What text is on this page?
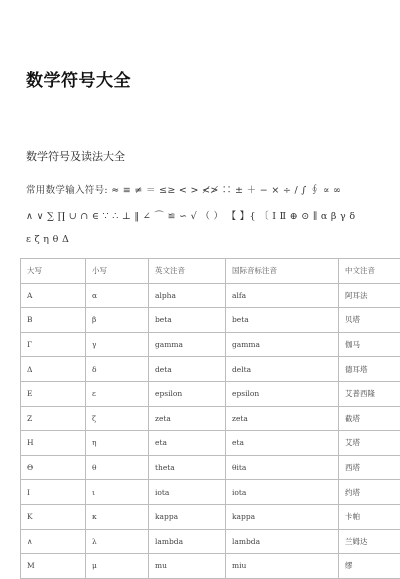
数学符号大全
数学符号及读法大全
常用数学输入符号: ≈ ≡ ≠ ＝ ≤≥ < > ≮≯ ∷ ± ＋ − × ÷ / ∫ ∮ ∝ ∞
∧ ∨ ∑ ∏ ∪ ∩ ∈ ∵ ∴ ⊥ ‖ ∠ ⌒ ≌ ∽ √ （ ） 【 】{ 〔 Ⅰ Ⅱ ⊕ ⊙ ∥ α β γ δ
ε ζ η θ Δ
大写	小写	英文注音	国际音标注音	中文注音
Α	α	alpha	alfa	阿耳法
Β	β	beta	beta	贝塔
Γ	γ	gamma	gamma	伽马
Δ	δ	deta	delta	德耳塔
Ε	ε	epsilon	epsilon	艾普西隆
Ζ	ζ	zeta	zeta	截塔
Η	η	eta	eta	艾塔
Θ	θ	theta	θita	西塔
Ι	ι	iota	iota	约塔
Κ	κ	kappa	kappa	卡帕
∧	λ	lambda	lambda	兰姆达
Μ	μ	mu	miu	缪
